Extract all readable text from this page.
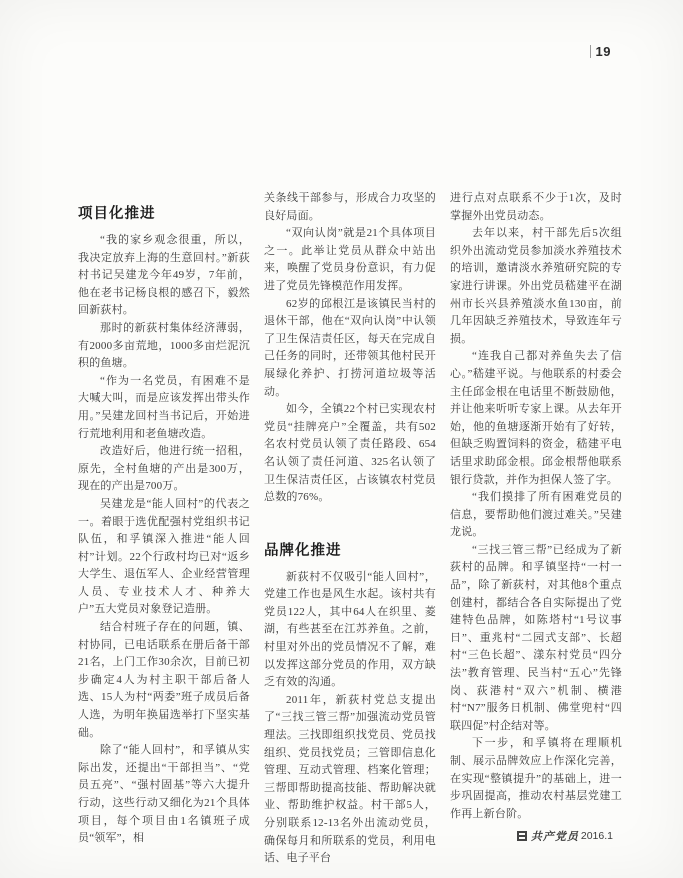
19
项目化推进

“我的家乡观念很重，所以，我决定放弃上海的生意回村。”新荻村书记吴建龙今年49岁，7年前，他在老书记杨良根的感召下，毅然回新荻村。

那时的新荻村集体经济薄弱，有2000多亩荒地，1000多亩烂泥沉积的鱼塘。

“作为一名党员，有困难不是大喊大叫，而是应该发挥出带头作用。”吴建龙回村当书记后，开始进行荒地利用和老鱼塘改造。

改造好后，他进行统一招租，原先，全村鱼塘的产出是300万，现在的产出是700万。

吴建龙是“能人回村”的代表之一。着眼于选优配强村党组织书记队伍，和孚镇深入推进“能人回村”计划。22个行政村均已对“返乡大学生、退伍军人、企业经营管理人员、专业技术人才、种养大户”五大党员对象登记造册。

结合村班子存在的问题，镇、村协同，已电话联系在册后备干部21名，上门工作30余次，目前已初步确定4人为村主职干部后备人选、15人为村“两委”班子成员后备人选，为明年换届选举打下坚实基础。

除了“能人回村”，和孚镇从实际出发，还提出“干部担当”、“党员五亮”、“强村固基”等六大提升行动，这些行动又细化为21个具体项目，每个项目由1名镇班子成员“领军”，相

关条线干部参与，形成合力攻坚的良好局面。

“双向认岗”就是21个具体项目之一。此举让党员从群众中站出来，唤醒了党员身份意识，有力促进了党员先锋模范作用发挥。

62岁的邱根江是该镇民当村的退休干部，他在“双向认岗”中认领了卫生保洁责任区，每天在完成自己任务的同时，还带领其他村民开展绿化养护、打捞河道垃圾等活动。

如今，全镇22个村已实现农村党员“挂牌亮户”全覆盖，共有502名农村党员认领了责任路段、654名认领了责任河道、325名认领了卫生保洁责任区，占该镇农村党员总数的76%。

品牌化推进

新荻村不仅吸引“能人回村”，党建工作也是风生水起。该村共有党员122人，其中64人在织里、菱湖，有些甚至在江苏养鱼。之前，村里对外出的党员情况不了解，难以发挥这部分党员的作用，双方缺乏有效的沟通。

2011年，新荻村党总支提出了“三找三管三帮”加强流动党员管理法。三找即组织找党员、党员找组织、党员找党员；三管即信息化管理、互动式管理、档案化管理；三帮即帮助提高技能、帮助解决就业、帮助维护权益。村干部5人，分别联系12-13名外出流动党员，确保每月和所联系的党员，利用电话、电子平台

进行点对点联系不少于1次，及时掌握外出党员动态。

去年以来，村干部先后5次组织外出流动党员参加淡水养殖技术的培训，邀请淡水养殖研究院的专家进行讲课。外出党员嵇建平在湖州市长兴县养殖淡水鱼130亩，前几年因缺乏养殖技术，导致连年亏损。

“连我自己都对养鱼失去了信心。”嵇建平说。与他联系的村委会主任邱金根在电话里不断鼓励他，并让他来听听专家上课。从去年开始，他的鱼塘逐渐开始有了好转，但缺乏购置饲料的资金，嵇建平电话里求助邱金根。邱金根帮他联系银行贷款，并作为担保人签了字。

“我们摸排了所有困难党员的信息，要帮助他们渡过难关。”吴建龙说。

“三找三管三帮”已经成为了新荻村的品牌。和孚镇坚持“一村一品”，除了新荻村，对其他8个重点创建村，都结合各自实际提出了党建特色品牌，如陈塔村“1号议事日”、重兆村“二园式支部”、长超村“三色长超”、漾东村党员“四分法”教育管理、民当村“五心”先锋岗、荻港村“双六”机制、横港村“N7”服务日机制、佛堂兜村“四联四促”村企结对等。

下一步，和孚镇将在理顺机制、展示品牌效应上作深化完善，在实现“整镇提升”的基础上，进一步巩固提高，推动农村基层党建工作再上新台阶。

共产党员 2016.1
